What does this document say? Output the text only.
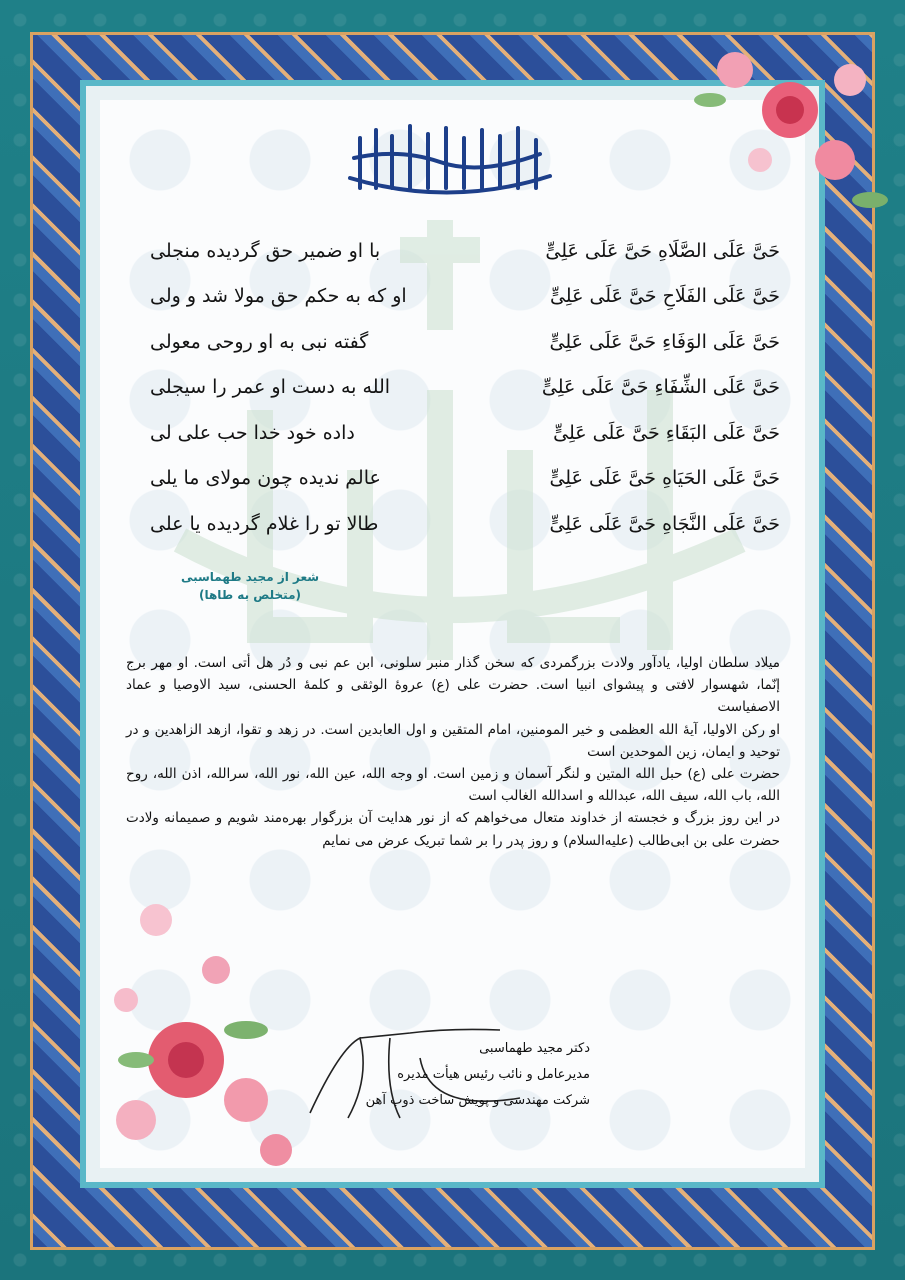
حَیَّ عَلَی الصَّلَاهِ حَیَّ عَلَی عَلِیٍّ
با او ضمیر حق گردیده منجلی
حَیَّ عَلَی الفَلَاحِ حَیَّ عَلَی عَلِیٍّ
او که به حکم حق مولا شد و ولی
حَیَّ عَلَی الوَفَاءِ حَیَّ عَلَی عَلِیٍّ
گفته نبی به او روحی معولی
حَیَّ عَلَی الشِّفَاءِ حَیَّ عَلَی عَلِیٍّ
الله به دست او عمر را سیجلی
حَیَّ عَلَی البَقَاءِ حَیَّ عَلَی عَلِیٍّ
داده خود خدا حب علی لی
حَیَّ عَلَی الحَیَاهِ حَیَّ عَلَی عَلِیٍّ
عالم ندیده چون مولای ما یلی
حَیَّ عَلَی النَّجَاهِ حَیَّ عَلَی عَلِیٍّ
طالا تو را غلام گردیده یا علی
شعر از مجید طهماسبی
(متخلص به طاها)

میلاد سلطان اولیا، یادآور ولادت بزرگمردی که سخن گذار منبر سلونی، ابن عم نبی و دُر هل أتی است. او مهر برج إنّما، شهسوار لافتی و پیشوای انبیا است. حضرت علی (ع) عروۀ الوثقی و کلمۀ الحسنی، سید الاوصیا و عماد الاصفیاست

او رکن الاولیا، آیۀ الله العظمی و خیر المومنین، امام المتقین و اول العابدین است. در زهد و تقوا، ازهد الزاهدین و در توحید و ایمان، زین الموحدین است

حضرت علی (ع) حبل الله المتین و لنگر آسمان و زمین است. او وجه الله، عین الله، نور الله، سرالله، اذن الله، روح الله، باب الله، سیف الله، عبدالله و اسدالله الغالب است

در این روز بزرگ و خجسته از خداوند متعال می‌خواهم که از نور هدایت آن بزرگوار بهره‌مند شویم و صمیمانه ولادت حضرت علی بن ابی‌طالب (علیه‌السلام) و روز پدر را بر شما تبریک عرض می نمایم

دکتر مجید طهماسبی
مدیرعامل و نائب رئیس هیأت مدیره
شرکت مهندسی و پویش ساخت ذوب آهن
